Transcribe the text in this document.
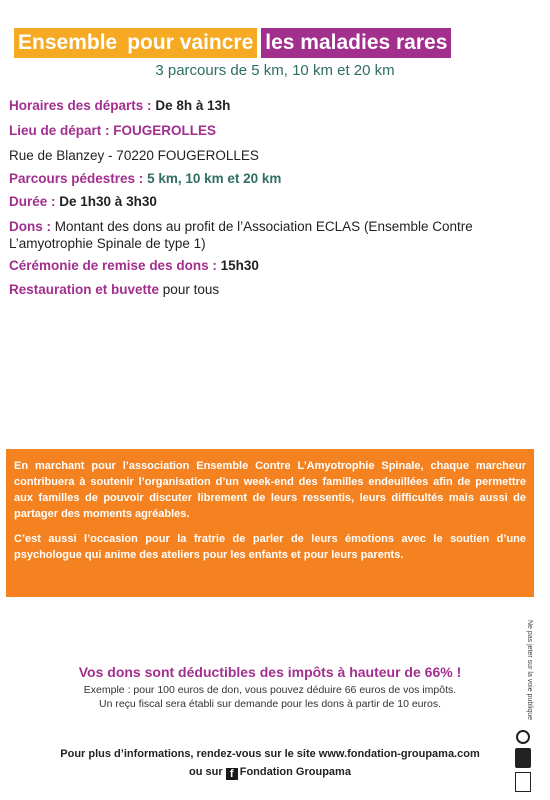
Ensemble pour vaincre les maladies rares
3 parcours de 5 km, 10 km et 20 km
Horaires des départs : De 8h à 13h
Lieu de départ : FOUGEROLLES
Rue de Blanzey - 70220 FOUGEROLLES
Parcours pédestres : 5 km, 10 km et 20 km
Durée : De 1h30 à 3h30
Dons : Montant des dons au profit de l’Association ECLAS (Ensemble Contre L’amyotrophie Spinale de type 1)
Cérémonie de remise des dons : 15h30
Restauration et buvette pour tous

En marchant pour l’association Ensemble Contre L’Amyotrophie Spinale, chaque marcheur contribuera à soutenir l’organisation d’un week-end des familles endeuillées afin de permettre aux familles de pouvoir discuter librement de leurs ressentis, leurs difficultés mais aussi de partager des moments agréables.

C’est aussi l’occasion pour la fratrie de parler de leurs émotions avec le soutien d’une psychologue qui anime des ateliers pour les enfants et pour leurs parents.

Ne pas jeter sur la voie publique
Vos dons sont déductibles des impôts à hauteur de 66% !
Exemple : pour 100 euros de don, vous pouvez déduire 66 euros de vos impôts.
Un reçu fiscal sera établi sur demande pour les dons à partir de 10 euros.
Pour plus d’informations, rendez-vous sur le site www.fondation-groupama.com
ou sur f Fondation Groupama
